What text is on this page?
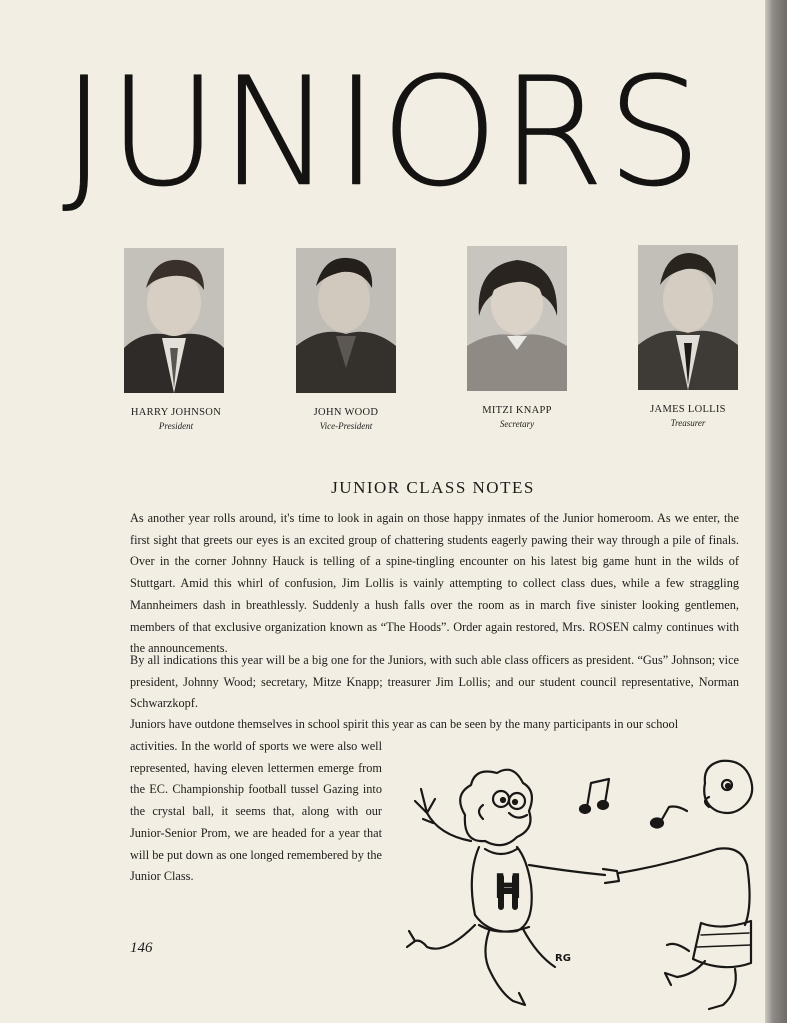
JUNIORS
HARRY JOHNSON
President
JOHN WOOD
Vice-President
MITZI KNAPP
Secretary
JAMES LOLLIS
Treasurer
JUNIOR CLASS NOTES
As another year rolls around, it's time to look in again on those happy inmates of the Junior homeroom. As we enter, the first sight that greets our eyes is an excited group of chattering students eagerly pawing their way through a pile of finals. Over in the corner Johnny Hauck is telling of a spine-tingling encounter on his latest big game hunt in the wilds of Stuttgart. Amid this whirl of confusion, Jim Lollis is vainly attempting to collect class dues, while a few straggling Mannheimers dash in breathlessly. Suddenly a hush falls over the room as in march five sinister looking gentlemen, members of that exclusive organization known as “The Hoods”. Order again restored, Mrs. ROSEN calmy continues with the announcements.
By all indications this year will be a big one for the Juniors, with such able class officers as president. “Gus” Johnson; vice president, Johnny Wood; secretary, Mitze Knapp; treasurer Jim Lollis; and our student council representative, Norman Schwarzkopf.
Juniors have outdone themselves in school spirit this year as can be seen by the many participants in our school
activities. In the world of sports we were also well represented, having eleven lettermen emerge from the EC. Championship football tussel Gazing into the crystal ball, it seems that, along with our Junior-Senior Prom, we are headed for a year that will be put down as one longed remembered by the Junior Class.
RG
H
146
